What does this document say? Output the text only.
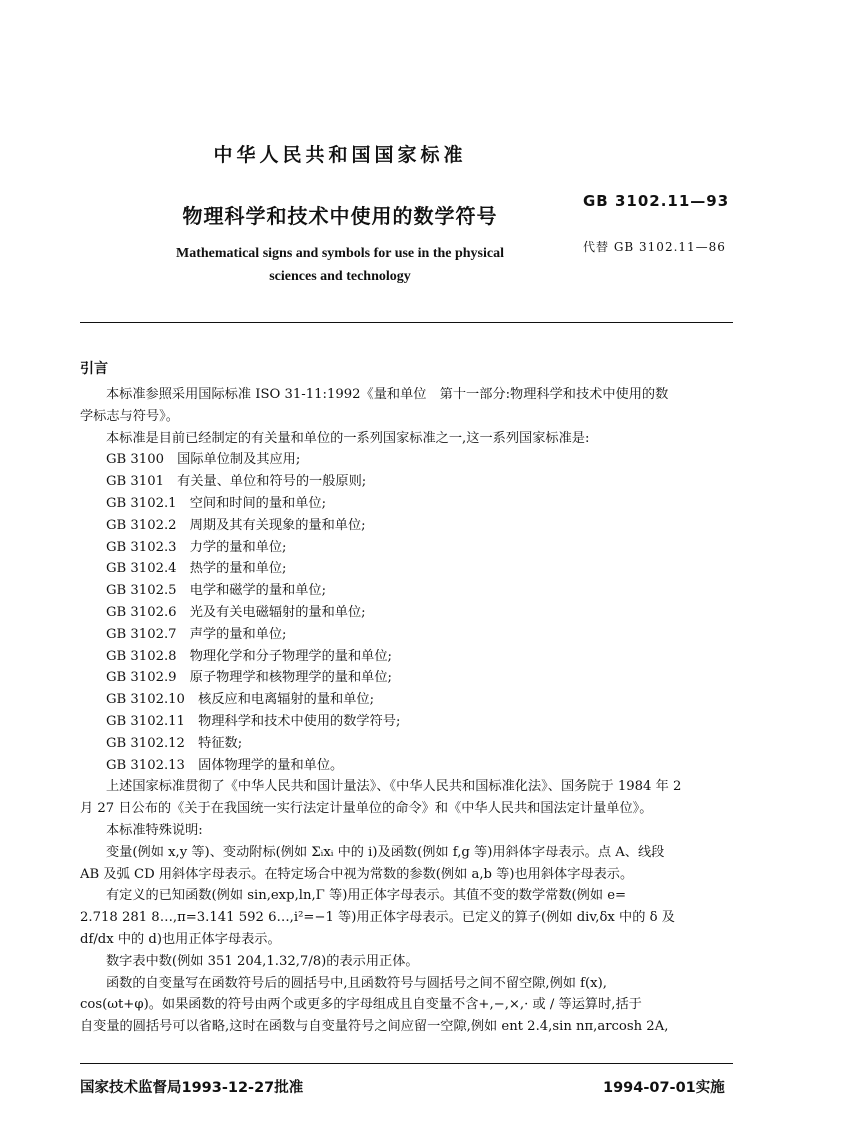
中华人民共和国国家标准
物理科学和技术中使用的数学符号
GB 3102.11—93
代替 GB 3102.11—86
Mathematical signs and symbols for use in the physical
sciences and technology
引言

本标准参照采用国际标准 ISO 31-11:1992《量和单位　第十一部分:物理科学和技术中使用的数

学标志与符号》。

本标准是目前已经制定的有关量和单位的一系列国家标准之一,这一系列国家标准是:

GB 3100　国际单位制及其应用;

GB 3101　有关量、单位和符号的一般原则;

GB 3102.1　空间和时间的量和单位;

GB 3102.2　周期及其有关现象的量和单位;

GB 3102.3　力学的量和单位;

GB 3102.4　热学的量和单位;

GB 3102.5　电学和磁学的量和单位;

GB 3102.6　光及有关电磁辐射的量和单位;

GB 3102.7　声学的量和单位;

GB 3102.8　物理化学和分子物理学的量和单位;

GB 3102.9　原子物理学和核物理学的量和单位;

GB 3102.10　核反应和电离辐射的量和单位;

GB 3102.11　物理科学和技术中使用的数学符号;

GB 3102.12　特征数;

GB 3102.13　固体物理学的量和单位。

上述国家标准贯彻了《中华人民共和国计量法》、《中华人民共和国标准化法》、国务院于 1984 年 2

月 27 日公布的《关于在我国统一实行法定计量单位的命令》和《中华人民共和国法定计量单位》。

本标准特殊说明:

变量(例如 x,y 等)、变动附标(例如 Σᵢxᵢ 中的 i)及函数(例如 f,g 等)用斜体字母表示。点 A、线段

AB 及弧 CD 用斜体字母表示。在特定场合中视为常数的参数(例如 a,b 等)也用斜体字母表示。

有定义的已知函数(例如 sin,exp,ln,Γ 等)用正体字母表示。其值不变的数学常数(例如 e=

2.718 281 8…,π=3.141 592 6…,i²=−1 等)用正体字母表示。已定义的算子(例如 div,δx 中的 δ 及

df/dx 中的 d)也用正体字母表示。

数字表中数(例如 351 204,1.32,7/8)的表示用正体。

函数的自变量写在函数符号后的圆括号中,且函数符号与圆括号之间不留空隙,例如 f(x),

cos(ωt+φ)。如果函数的符号由两个或更多的字母组成且自变量不含+,−,×,· 或 / 等运算时,括于

自变量的圆括号可以省略,这时在函数与自变量符号之间应留一空隙,例如 ent 2.4,sin nπ,arcosh 2A,

国家技术监督局1993-12-27批准	1994-07-01实施
